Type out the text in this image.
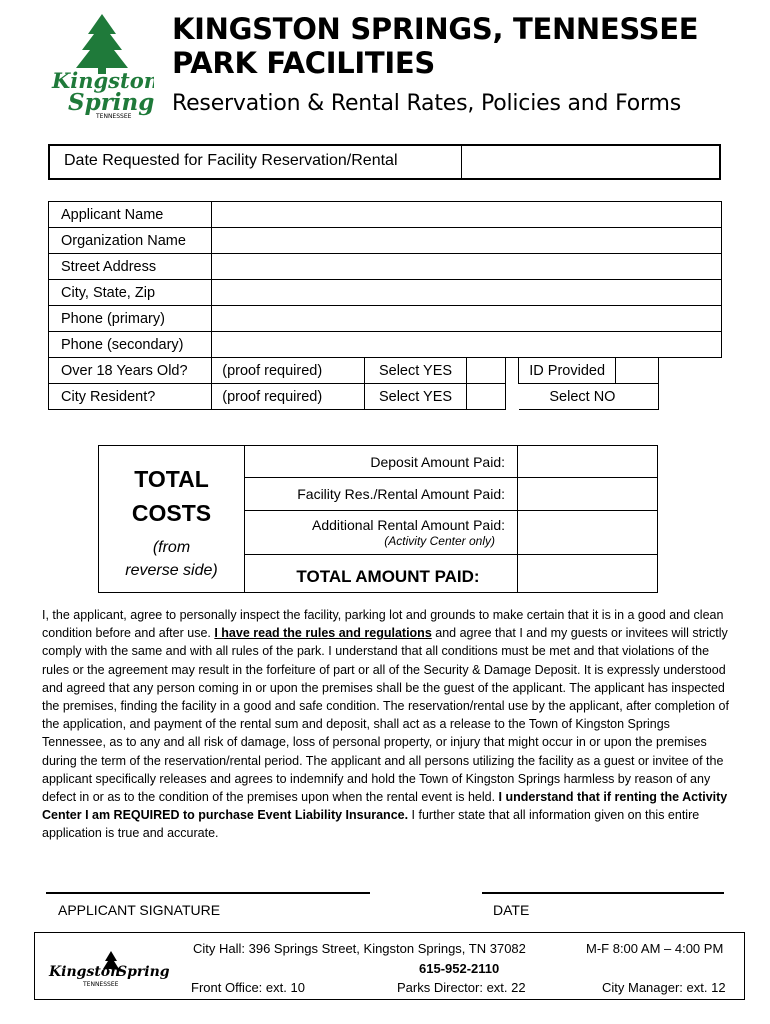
Kingston
Spring
TENNESSEE
KINGSTON SPRINGS, TENNESSEE
PARK FACILITIES
Reservation & Rental Rates, Policies and Forms
Date Requested for Facility Reservation/Rental
Applicant Name							
Organization Name							
Street Address							
City, State, Zip							
Phone (primary)							
Phone (secondary)							
Over 18 Years Old?	(proof required)	Select YES			ID Provided		
City Resident?	(proof required)	Select YES			Select NO		
TOTAL
COSTS
(from
reverse side)
Deposit Amount Paid:
Facility Res./Rental Amount Paid:
Additional Rental Amount Paid:
(Activity Center only)
TOTAL AMOUNT PAID:
I, the applicant, agree to personally inspect the facility, parking lot and grounds to make certain that it is in a good and clean condition before and after use. I have read the rules and regulations and agree that I and my guests or invitees will strictly comply with the same and with all rules of the park. I understand that all conditions must be met and that violations of the rules or the agreement may result in the forfeiture of part or all of the Security & Damage Deposit. It is expressly understood and agreed that any person coming in or upon the premises shall be the guest of the applicant. The applicant has inspected the premises, finding the facility in a good and safe condition. The reservation/rental use by the applicant, after completion of the application, and payment of the rental sum and deposit, shall act as a release to the Town of Kingston Springs Tennessee, as to any and all risk of damage, loss of personal property, or injury that might occur in or upon the premises during the term of the reservation/rental period. The applicant and all persons utilizing the facility as a guest or invitee of the applicant specifically releases and agrees to indemnify and hold the Town of Kingston Springs harmless by reason of any defect in or as to the condition of the premises upon when the rental event is held. I understand that if renting the Activity Center I am REQUIRED to purchase Event Liability Insurance. I further state that all information given on this entire application is true and accurate.
APPLICANT SIGNATURE	DATE
Kingston
Spring
TENNESSEE
City Hall: 396 Springs Street, Kingston Springs, TN 37082
615-952-2110
M-F 8:00 AM – 4:00 PM
Front Office: ext. 10	Parks Director: ext. 22	City Manager: ext. 12
